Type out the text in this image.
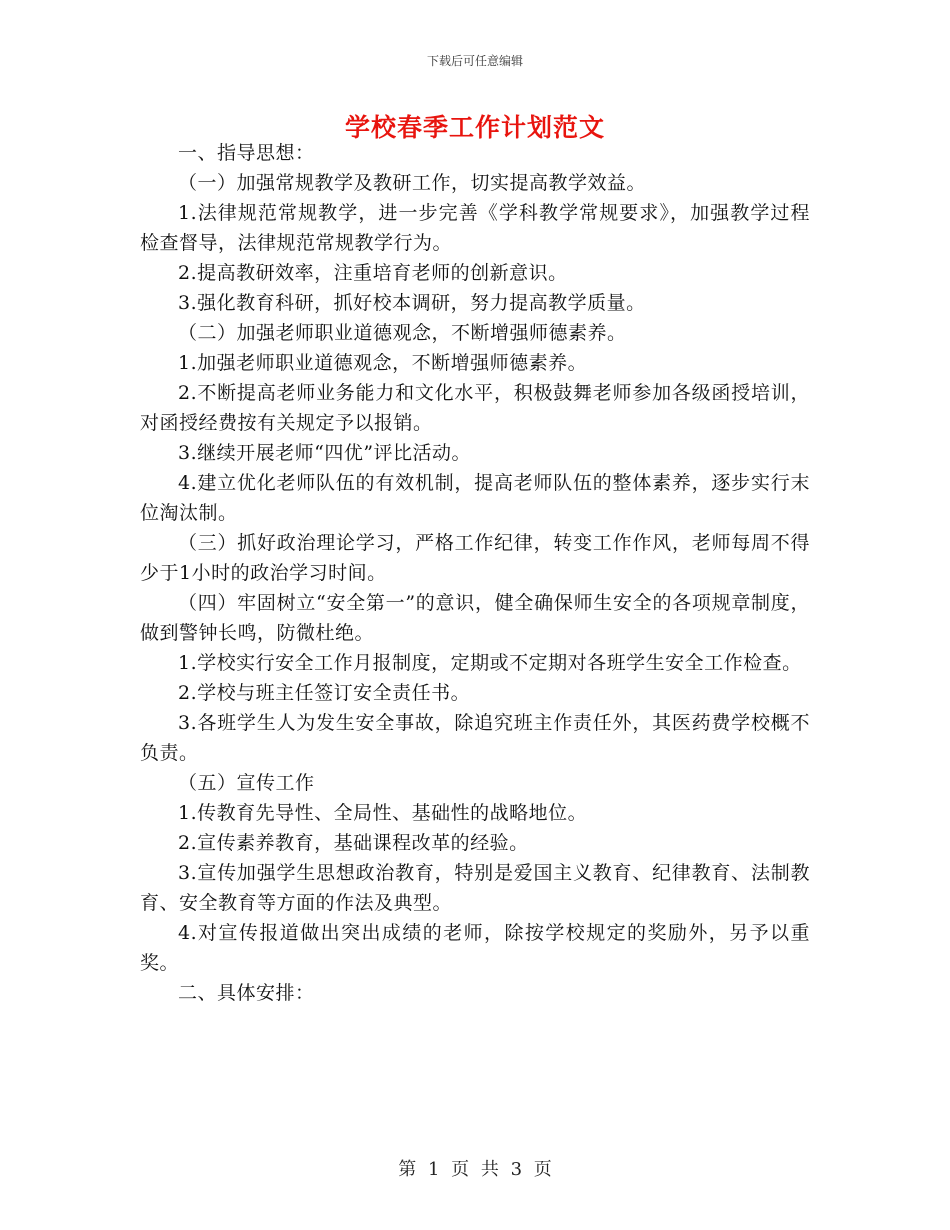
下载后可任意编辑
学校春季工作计划范文

一、指导思想：

（一）加强常规教学及教研工作，切实提高教学效益。

1.法律规范常规教学，进一步完善《学科教学常规要求》，加强教学过程检查督导，法律规范常规教学行为。

2.提高教研效率，注重培育老师的创新意识。

3.强化教育科研，抓好校本调研，努力提高教学质量。

（二）加强老师职业道德观念，不断增强师德素养。

1.加强老师职业道德观念，不断增强师德素养。

2.不断提高老师业务能力和文化水平，积极鼓舞老师参加各级函授培训，对函授经费按有关规定予以报销。

3.继续开展老师“四优”评比活动。

4.建立优化老师队伍的有效机制，提高老师队伍的整体素养，逐步实行末位淘汰制。

（三）抓好政治理论学习，严格工作纪律，转变工作作风，老师每周不得少于1小时的政治学习时间。

（四）牢固树立“安全第一”的意识，健全确保师生安全的各项规章制度，做到警钟长鸣，防微杜绝。

1.学校实行安全工作月报制度，定期或不定期对各班学生安全工作检查。

2.学校与班主任签订安全责任书。

3.各班学生人为发生安全事故，除追究班主作责任外，其医药费学校概不负责。

（五）宣传工作

1.传教育先导性、全局性、基础性的战略地位。

2.宣传素养教育，基础课程改革的经验。

3.宣传加强学生思想政治教育，特别是爱国主义教育、纪律教育、法制教育、安全教育等方面的作法及典型。

4.对宣传报道做出突出成绩的老师，除按学校规定的奖励外，另予以重奖。

二、具体安排：

第 1 页 共 3 页
